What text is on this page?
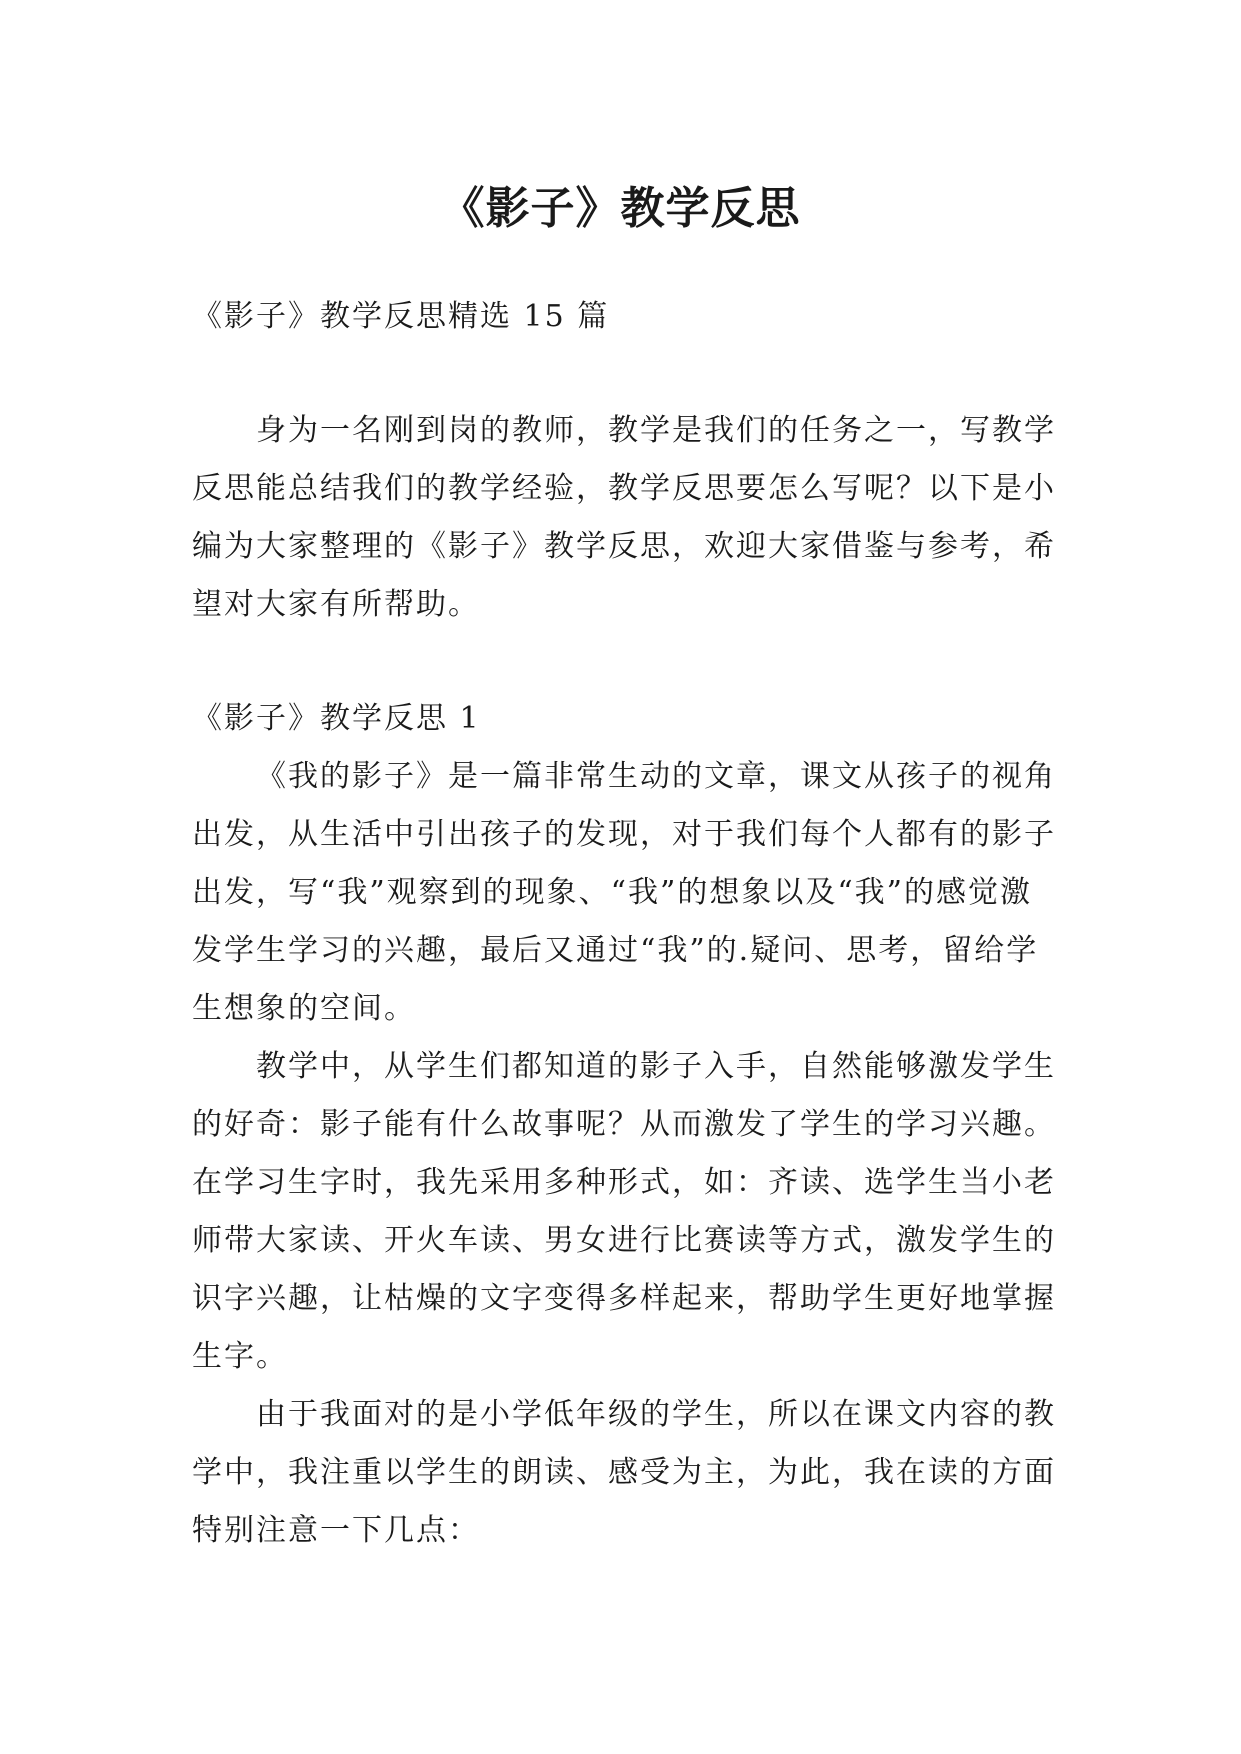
《影子》教学反思

《影子》教学反思精选 15 篇

身为一名刚到岗的教师，教学是我们的任务之一，写教学反思能总结我们的教学经验，教学反思要怎么写呢？以下是小编为大家整理的《影子》教学反思，欢迎大家借鉴与参考，希望对大家有所帮助。

《影子》教学反思 1

《我的影子》是一篇非常生动的文章，课文从孩子的视角出发，从生活中引出孩子的发现，对于我们每个人都有的影子出发，写“我”观察到的现象、“我”的想象以及“我”的感觉激发学生学习的兴趣，最后又通过“我”的.疑问、思考，留给学生想象的空间。

教学中，从学生们都知道的影子入手，自然能够激发学生的好奇：影子能有什么故事呢？从而激发了学生的学习兴趣。在学习生字时，我先采用多种形式，如：齐读、选学生当小老师带大家读、开火车读、男女进行比赛读等方式，激发学生的识字兴趣，让枯燥的文字变得多样起来，帮助学生更好地掌握生字。

由于我面对的是小学低年级的学生，所以在课文内容的教学中，我注重以学生的朗读、感受为主，为此，我在读的方面特别注意一下几点：
